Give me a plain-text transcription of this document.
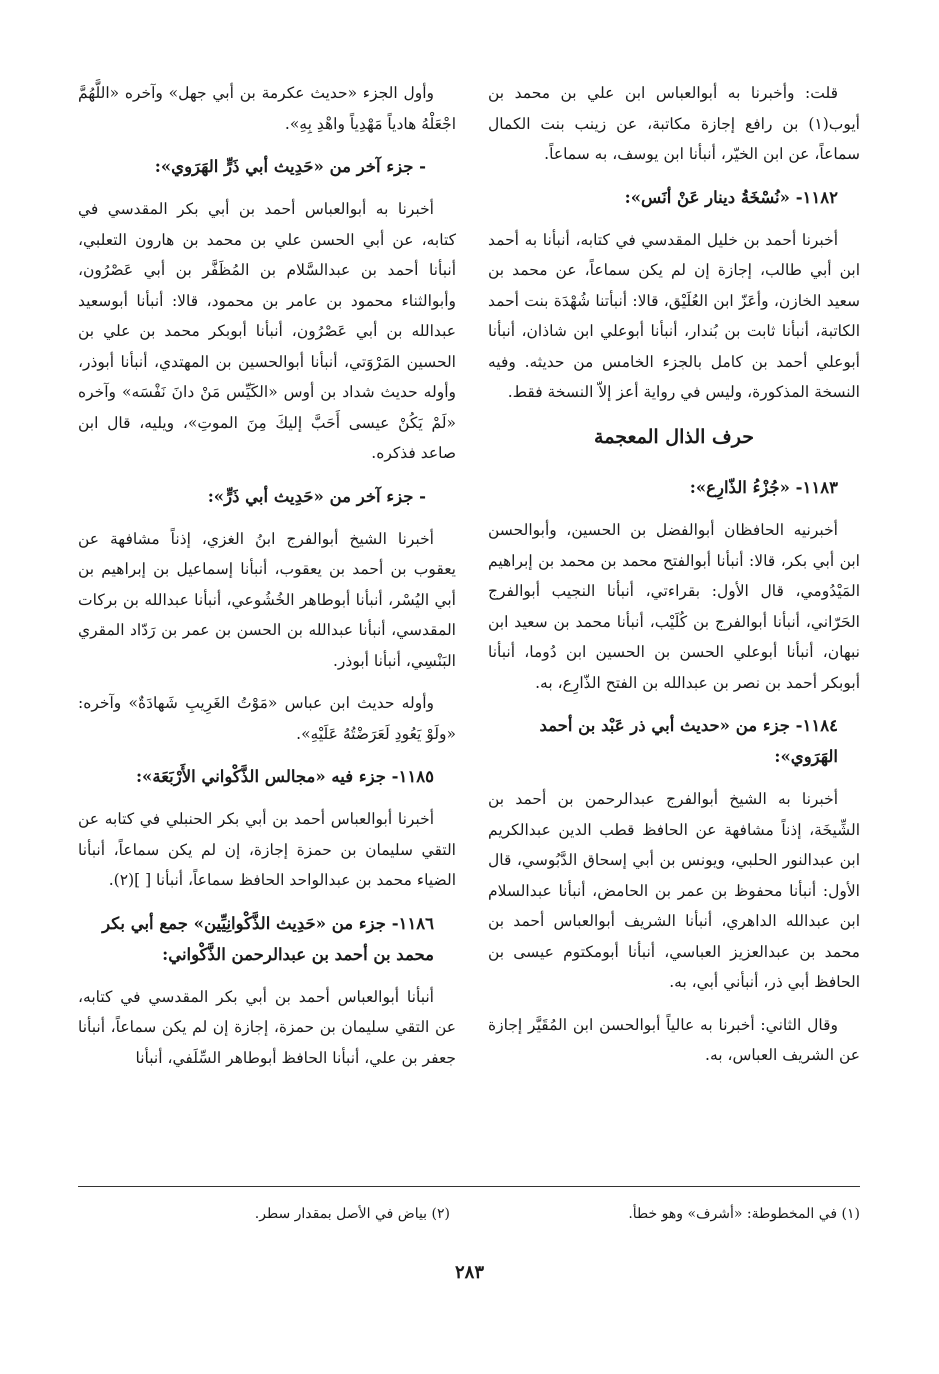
قلت: وأخبرنا به أبوالعباس ابن علي بن محمد بن أيوب(١) بن رافع إجازة مكاتبة، عن زينب بنت الكمال سماعاً، عن ابن الخيّر، أنبأنا ابن يوسف، به سماعاً.

١١٨٢- «نُسْخَةُ دينار عَنْ أنَس»:

أخبرنا أحمد بن خليل المقدسي في كتابه، أنبأنا به أحمد ابن أبي طالب، إجازة إن لم يكن سماعاً، عن محمد بن سعيد الخازن، وأعَزّ ابن العُلَيْق، قالا: أنبأتنا شُهْدَة بنت أحمد الكاتبة، أنبأنا ثابت بن بُندار، أنبأنا أبوعلي ابن شاذان، أنبأنا أبوعلي أحمد بن كامل بالجزء الخامس من حديثه. وفيه النسخة المذكورة، وليس في رواية أعز إلاّ النسخة فقط.

حرف الذال المعجمة

١١٨٣- «جُزْءُ الذّارِع»:

أخبرنيه الحافظان أبوالفضل بن الحسين، وأبوالحسن ابن أبي بكر، قالا: أنبأنا أبوالفتح محمد بن محمد بن إبراهيم المَيْدُومي، قال الأول: بقراءتي، أنبأنا النجيب أبوالفرج الحَرّاني، أنبأنا أبوالفرج بن كُلَيْب، أنبأنا محمد بن سعيد ابن نبهان، أنبأنا أبوعلي الحسن بن الحسين ابن دُوما، أنبأنا أبوبكر أحمد بن نصر بن عبدالله بن الفتح الذّارِع، به.

١١٨٤- جزء من «حديث أبي ذر عَبْد بن أحمد الهَرَوي»:

أخبرنا به الشيخ أبوالفرج عبدالرحمن بن أحمد بن الشِّيخَة، إذناً مشافهة عن الحافظ قطب الدين عبدالكريم ابن عبدالنور الحلبي، ويونس بن أبي إسحاق الدَّبُوسي، قال الأول: أنبأنا محفوظ بن عمر بن الحامض، أنبأنا عبدالسلام ابن عبدالله الداهري، أنبأنا الشريف أبوالعباس أحمد بن محمد بن عبدالعزيز العباسي، أنبأنا أبومكتوم عيسى بن الحافظ أبي ذر، أنبأني أبي، به.

وقال الثاني: أخبرنا به عالياً أبوالحسن ابن المُقَيَّر إجازة عن الشريف العباس، به.

وأول الجزء «حديث عكرمة بن أبي جهل» وآخره «اللَّهُمَّ اجْعَلْهُ هادياً مَهْدِياً واهْدِ بِهِ».

- جزء آخر من «حَدِيث أبي ذَرٍّ الهَرَوي»:

أخبرنا به أبوالعباس أحمد بن أبي بكر المقدسي في كتابه، عن أبي الحسن علي بن محمد بن هارون التعلبي، أنبأنا أحمد بن عبدالسَّلام بن المُظَفَّر بن أبي عَصْرُون، وأبوالثناء محمود بن عامر بن محمود، قالا: أنبأنا أبوسعيد عبدالله بن أبي عَصْرُون، أنبأنا أبوبكر محمد بن علي بن الحسين المَرْوَتي، أنبأنا أبوالحسين بن المهتدي، أنبأنا أبوذر، وأوله حديث شداد بن أوس «الكَيِّس مَنْ دانَ نَفْسَه» وآخره «لَمْ يَكُنْ عيسى أَحَبَّ إليكَ مِنَ الموتِ»، ويليه، قال ابن صاعد فذكره.

- جزء آخر من «حَدِيث أبي ذَرٍّ»:

أخبرنا الشيخ أبوالفرج ابنُ الغزي، إذناً مشافهة عن يعقوب بن أحمد بن يعقوب، أنبأنا إسماعيل بن إبراهيم بن أبي اليُسْر، أنبأنا أبوطاهر الخُشُوعي، أنبأنا عبدالله بن بركات المقدسي، أنبأنا عبدالله بن الحسن بن عمر بن رَدّاد المقري البَنْسِي، أنبأنا أبوذر.

وأوله حديث ابن عباس «مَوْتُ الغَرِيبِ شَهادَةٌ» وآخره: «ولَوْ يَعُودِ لَعَرَضْتُهُ عَلَيْهِ».

١١٨٥- جزء فيه «مجالس الذَّكْواني الأَرْبَعَة»:

أخبرنا أبوالعباس أحمد بن أبي بكر الحنبلي في كتابه عن التقي سليمان بن حمزة إجازة، إن لم يكن سماعاً، أنبأنا الضياء محمد بن عبدالواحد الحافظ سماعاً، أنبأنا [ ](٢).

١١٨٦- جزء من «حَدِيث الذَّكْوانِيِّين» جمع أبي بكر محمد بن أحمد بن عبدالرحمن الذَّكْواني:

أنبأنا أبوالعباس أحمد بن أبي بكر المقدسي في كتابه، عن التقي سليمان بن حمزة، إجازة إن لم يكن سماعاً، أنبأنا جعفر بن علي، أنبأنا الحافظ أبوطاهر السِّلَفي، أنبأنا

(١) في المخطوطة: «أشرف» وهو خطأ.
(٢) بياض في الأصل بمقدار سطر.
٢٨٣
